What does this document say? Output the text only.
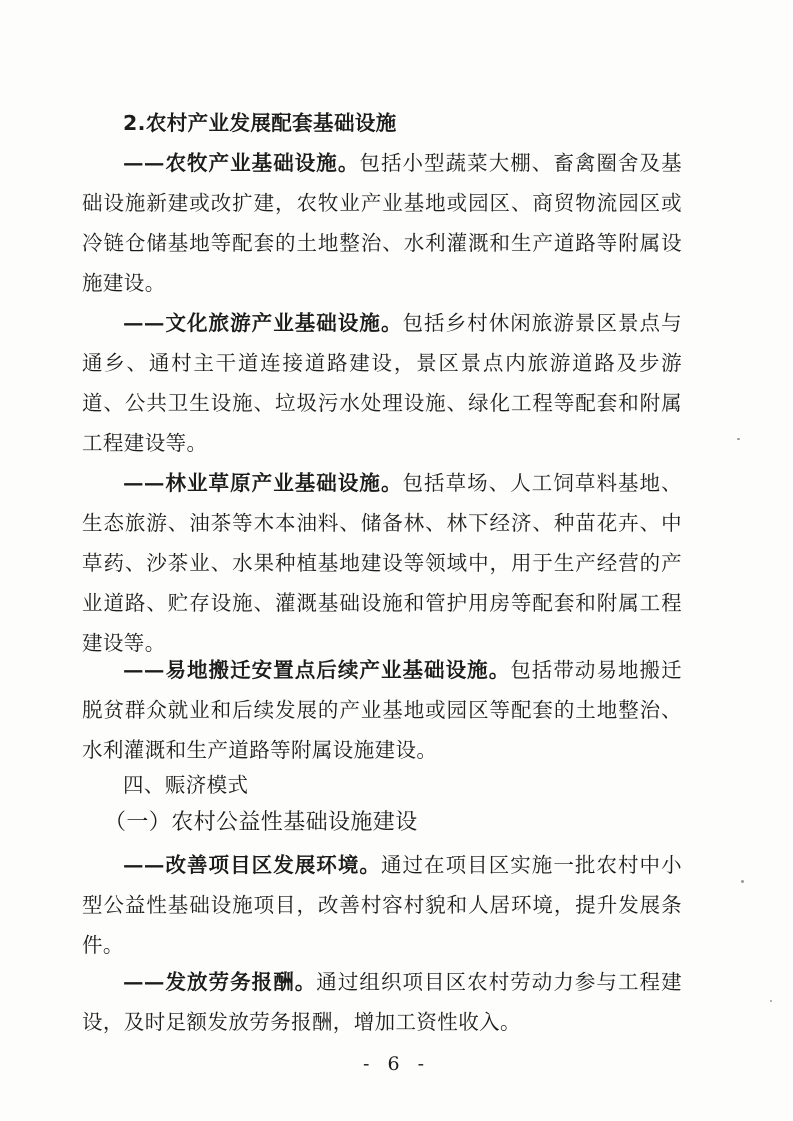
2.农村产业发展配套基础设施

——农牧产业基础设施。包括小型蔬菜大棚、畜禽圈舍及基础设施新建或改扩建，农牧业产业基地或园区、商贸物流园区或冷链仓储基地等配套的土地整治、水利灌溉和生产道路等附属设施建设。

——文化旅游产业基础设施。包括乡村休闲旅游景区景点与通乡、通村主干道连接道路建设，景区景点内旅游道路及步游道、公共卫生设施、垃圾污水处理设施、绿化工程等配套和附属工程建设等。

——林业草原产业基础设施。包括草场、人工饲草料基地、生态旅游、油茶等木本油料、储备林、林下经济、种苗花卉、中草药、沙茶业、水果种植基地建设等领域中，用于生产经营的产业道路、贮存设施、灌溉基础设施和管护用房等配套和附属工程建设等。

——易地搬迁安置点后续产业基础设施。包括带动易地搬迁脱贫群众就业和后续发展的产业基地或园区等配套的土地整治、水利灌溉和生产道路等附属设施建设。

四、赈济模式

（一）农村公益性基础设施建设

——改善项目区发展环境。通过在项目区实施一批农村中小型公益性基础设施项目，改善村容村貌和人居环境，提升发展条件。

——发放劳务报酬。通过组织项目区农村劳动力参与工程建设，及时足额发放劳务报酬，增加工资性收入。

- 6 -
